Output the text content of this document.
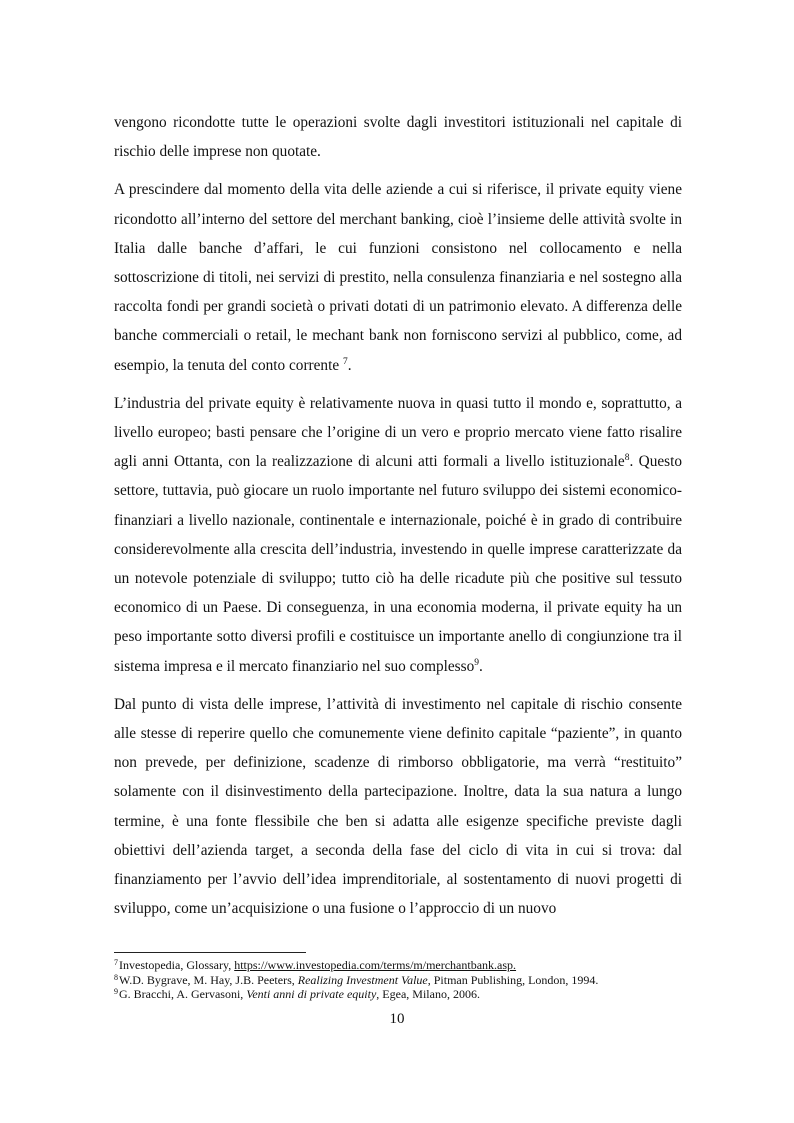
vengono ricondotte tutte le operazioni svolte dagli investitori istituzionali nel capitale di rischio delle imprese non quotate.

A prescindere dal momento della vita delle aziende a cui si riferisce, il private equity viene ricondotto all’interno del settore del merchant banking, cioè l’insieme delle attività svolte in Italia dalle banche d’affari, le cui funzioni consistono nel collocamento e nella sottoscrizione di titoli, nei servizi di prestito, nella consulenza finanziaria e nel sostegno alla raccolta fondi per grandi società o privati dotati di un patrimonio elevato. A differenza delle banche commerciali o retail, le mechant bank non forniscono servizi al pubblico, come, ad esempio, la tenuta del conto corrente $^7$.

L’industria del private equity è relativamente nuova in quasi tutto il mondo e, soprattutto, a livello europeo; basti pensare che l’origine di un vero e proprio mercato viene fatto risalire agli anni Ottanta, con la realizzazione di alcuni atti formali a livello istituzionale$^8$. Questo settore, tuttavia, può giocare un ruolo importante nel futuro sviluppo dei sistemi economico-finanziari a livello nazionale, continentale e internazionale, poiché è in grado di contribuire considerevolmente alla crescita dell’industria, investendo in quelle imprese caratterizzate da un notevole potenziale di sviluppo; tutto ciò ha delle ricadute più che positive sul tessuto economico di un Paese. Di conseguenza, in una economia moderna, il private equity ha un peso importante sotto diversi profili e costituisce un importante anello di congiunzione tra il sistema impresa e il mercato finanziario nel suo complesso$^9$.

Dal punto di vista delle imprese, l’attività di investimento nel capitale di rischio consente alle stesse di reperire quello che comunemente viene definito capitale “paziente”, in quanto non prevede, per definizione, scadenze di rimborso obbligatorie, ma verrà “restituito” solamente con il disinvestimento della partecipazione. Inoltre, data la sua natura a lungo termine, è una fonte flessibile che ben si adatta alle esigenze specifiche previste dagli obiettivi dell’azienda target, a seconda della fase del ciclo di vita in cui si trova: dal finanziamento per l’avvio dell’idea imprenditoriale, al sostentamento di nuovi progetti di sviluppo, come un’acquisizione o una fusione o l’approccio di un nuovo

$^7$Investopedia, Glossary, https://www.investopedia.com/terms/m/merchantbank.asp.

$^8$W.D. Bygrave, M. Hay, J.B. Peeters, Realizing Investment Value, Pitman Publishing, London, 1994.

$^9$G. Bracchi, A. Gervasoni, Venti anni di private equity, Egea, Milano, 2006.

10
